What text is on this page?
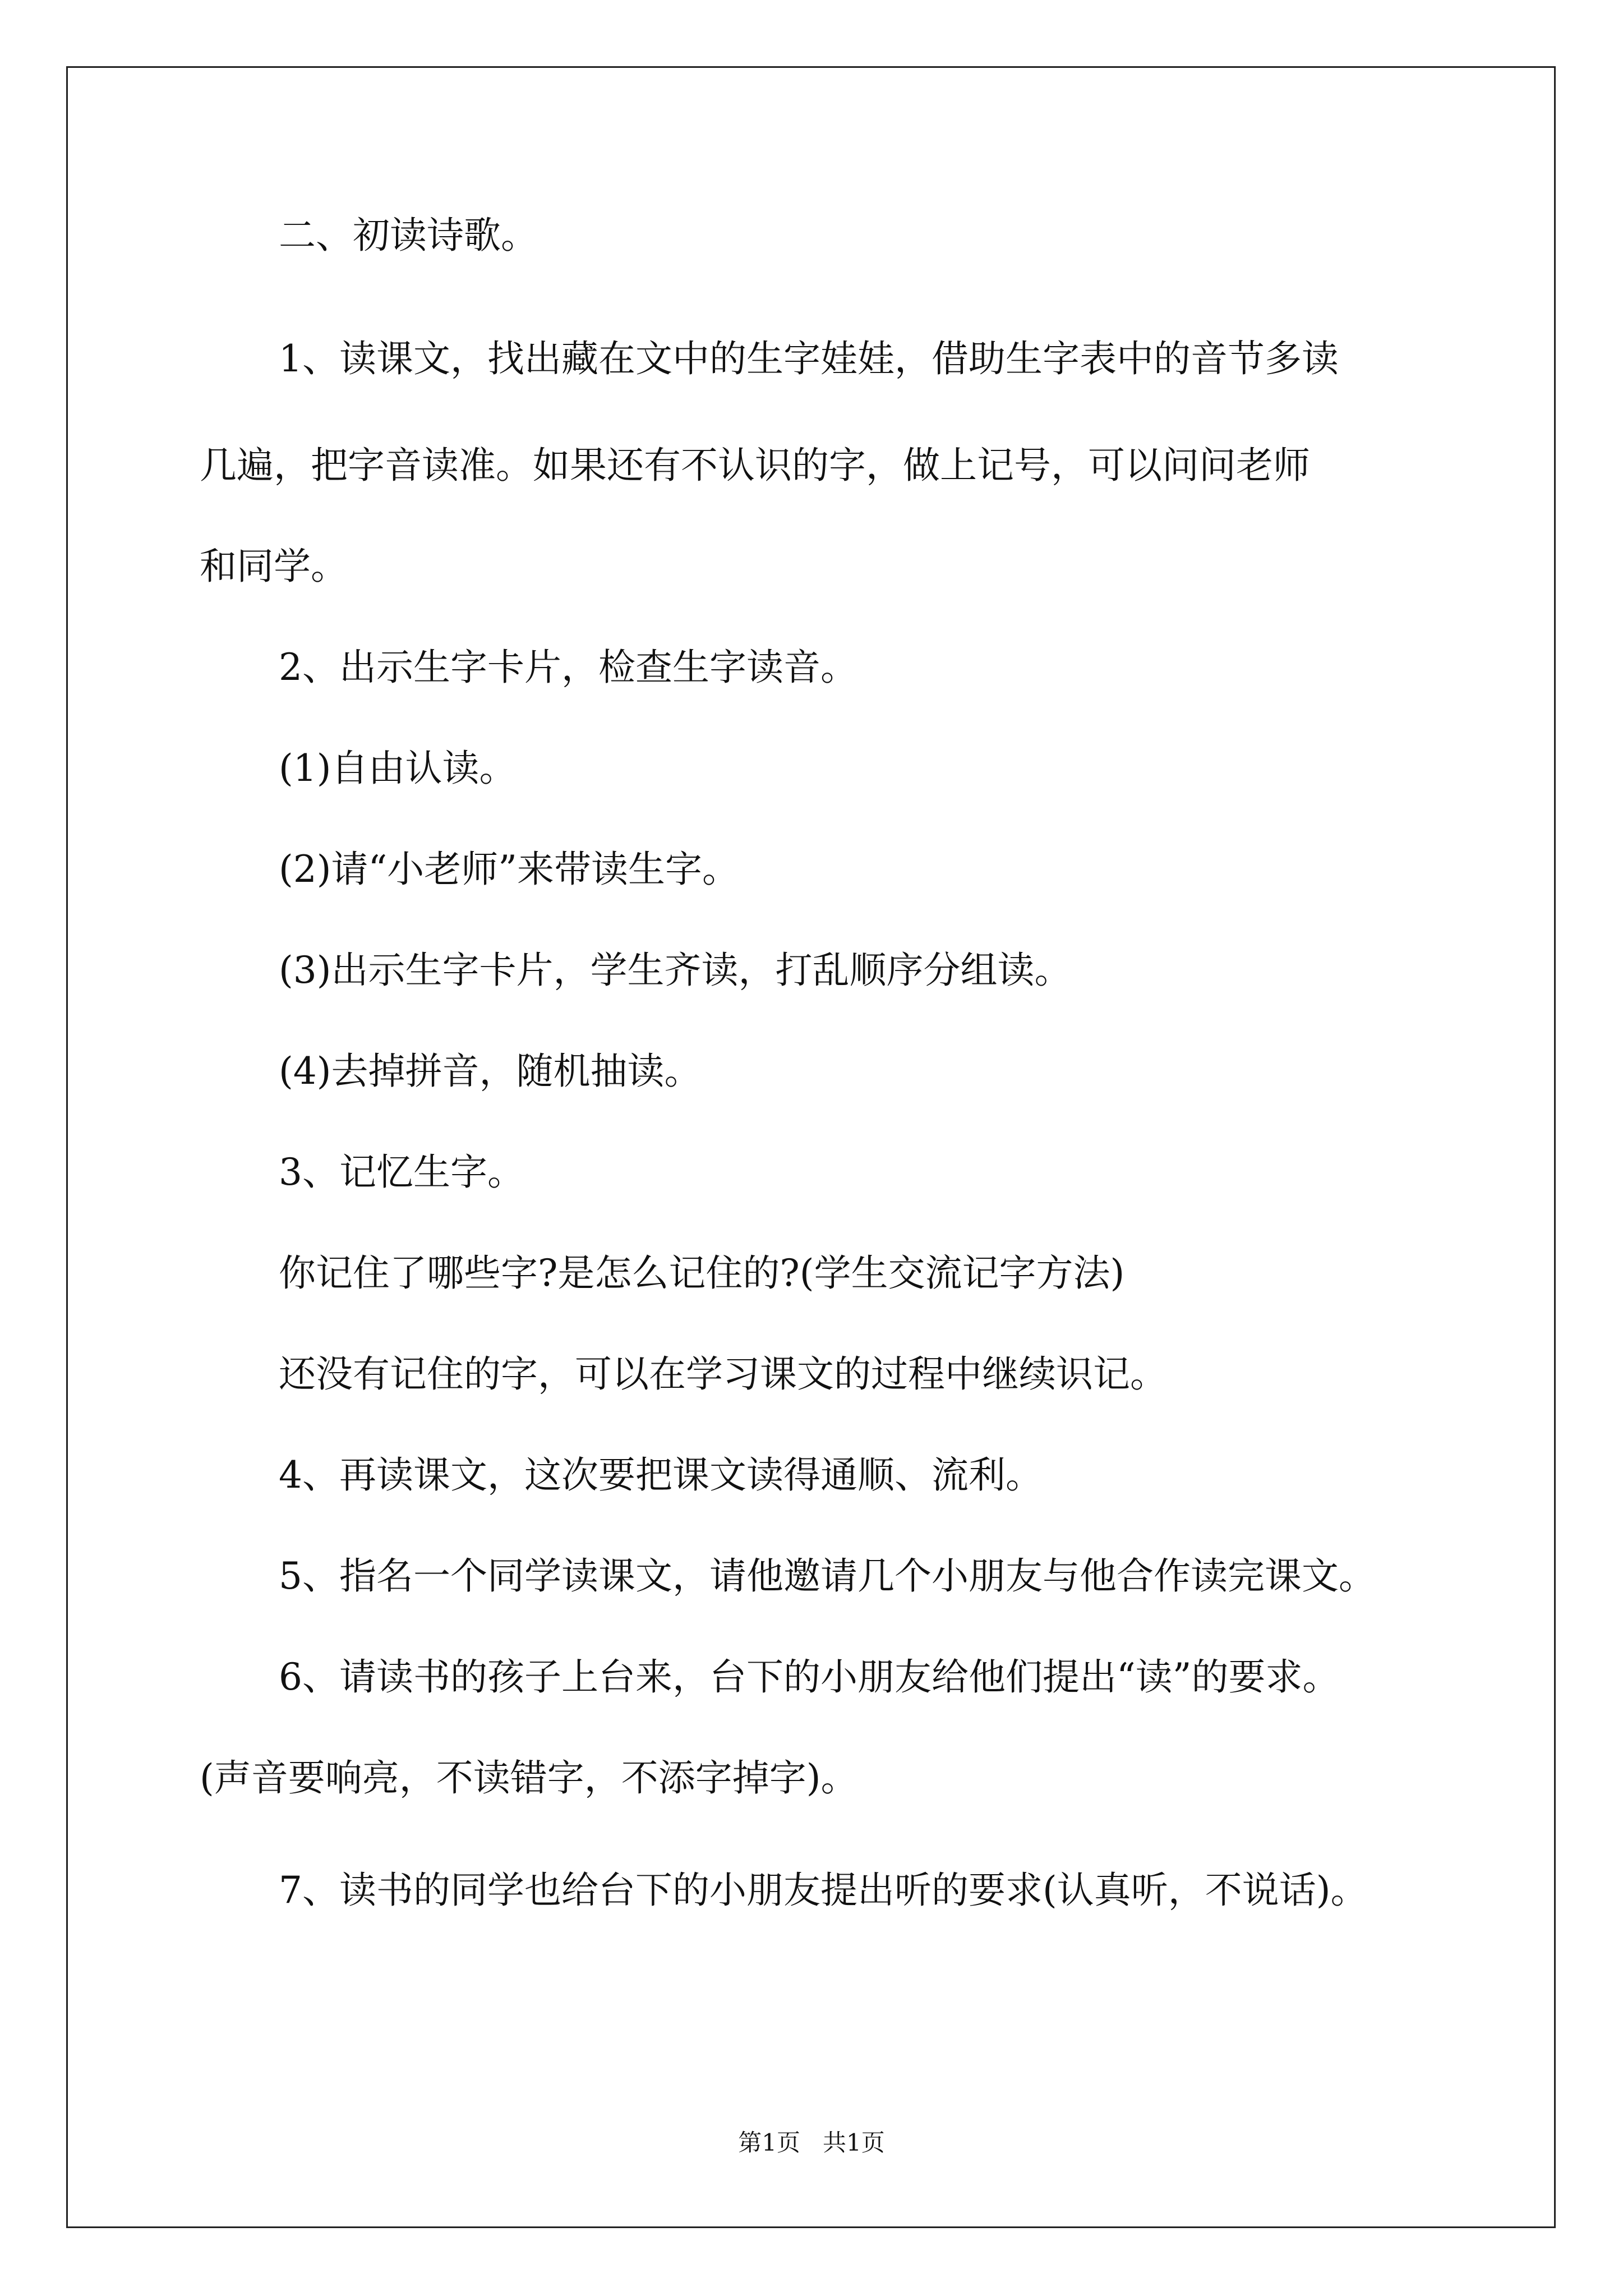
二、初读诗歌。
1、读课文，找出藏在文中的生字娃娃，借助生字表中的音节多读
几遍，把字音读准。如果还有不认识的字，做上记号，可以问问老师
和同学。
2、出示生字卡片，检查生字读音。
(1)自由认读。
(2)请“小老师”来带读生字。
(3)出示生字卡片，学生齐读，打乱顺序分组读。
(4)去掉拼音，随机抽读。
3、记忆生字。
你记住了哪些字?是怎么记住的?(学生交流记字方法)
还没有记住的字，可以在学习课文的过程中继续识记。
4、再读课文，这次要把课文读得通顺、流利。
5、指名一个同学读课文，请他邀请几个小朋友与他合作读完课文。
6、请读书的孩子上台来，台下的小朋友给他们提出“读”的要求。
(声音要响亮，不读错字，不添字掉字)。
7、读书的同学也给台下的小朋友提出听的要求(认真听，不说话)。
第1页   共1页
